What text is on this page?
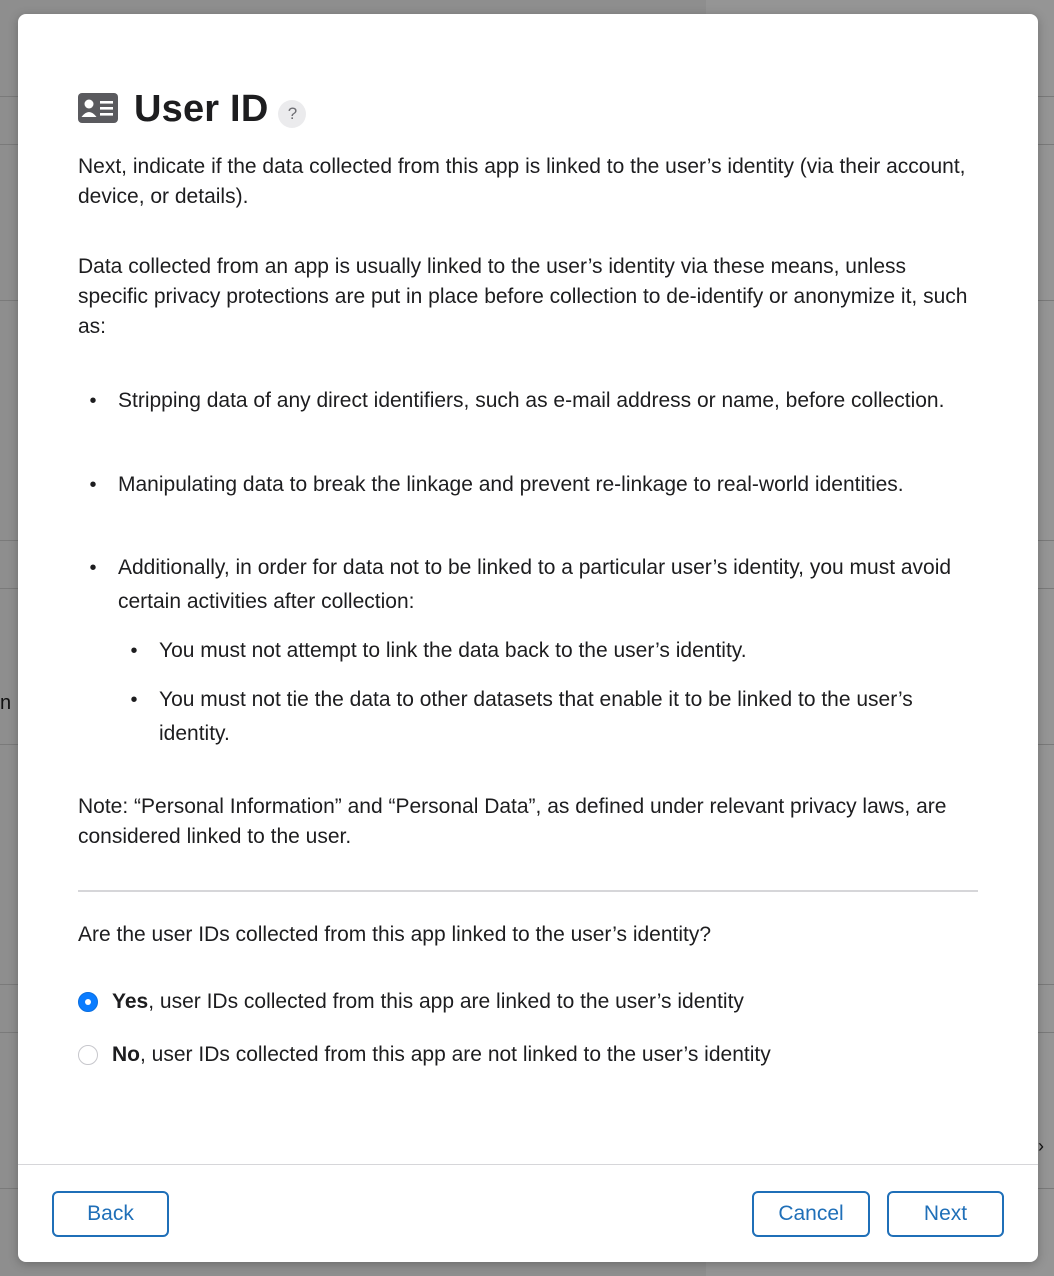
n
›
User ID	?

Next, indicate if the data collected from this app is linked to the user’s identity (via their account, device, or details).

Data collected from an app is usually linked to the user’s identity via these means, unless specific privacy protections are put in place before collection to de-identify or anonymize it, such as:

•	Stripping data of any direct identifiers, such as e-mail address or name, before collection.
•	Manipulating data to break the linkage and prevent re-linkage to real-world identities.
•	Additionally, in order for data not to be linked to a particular user’s identity, you must avoid certain activities after collection:
•	You must not attempt to link the data back to the user’s identity.
•	You must not tie the data to other datasets that enable it to be linked to the user’s identity.

Note: “Personal Information” and “Personal Data”, as defined under relevant privacy laws, are considered linked to the user.

Are the user IDs collected from this app linked to the user’s identity?
Yes, user IDs collected from this app are linked to the user’s identity
No, user IDs collected from this app are not linked to the user’s identity
Back	Cancel	Next
